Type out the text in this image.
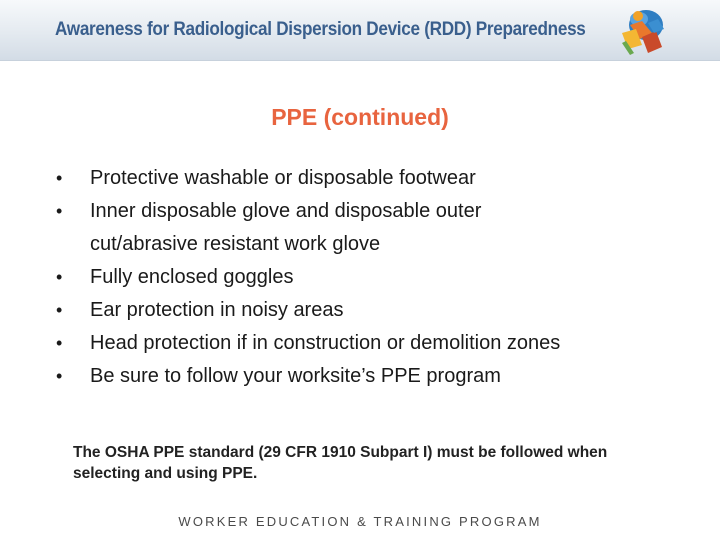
Awareness for Radiological Dispersion Device (RDD) Preparedness
PPE (continued)
• Protective washable or disposable footwear
• Inner disposable glove and disposable outer cut/abrasive resistant work glove
• Fully enclosed goggles
• Ear protection in noisy areas
• Head protection if in construction or demolition zones
• Be sure to follow your worksite’s PPE program
The OSHA PPE standard (29 CFR 1910 Subpart I) must be followed when selecting and using PPE.
WORKER EDUCATION & TRAINING PROGRAM
